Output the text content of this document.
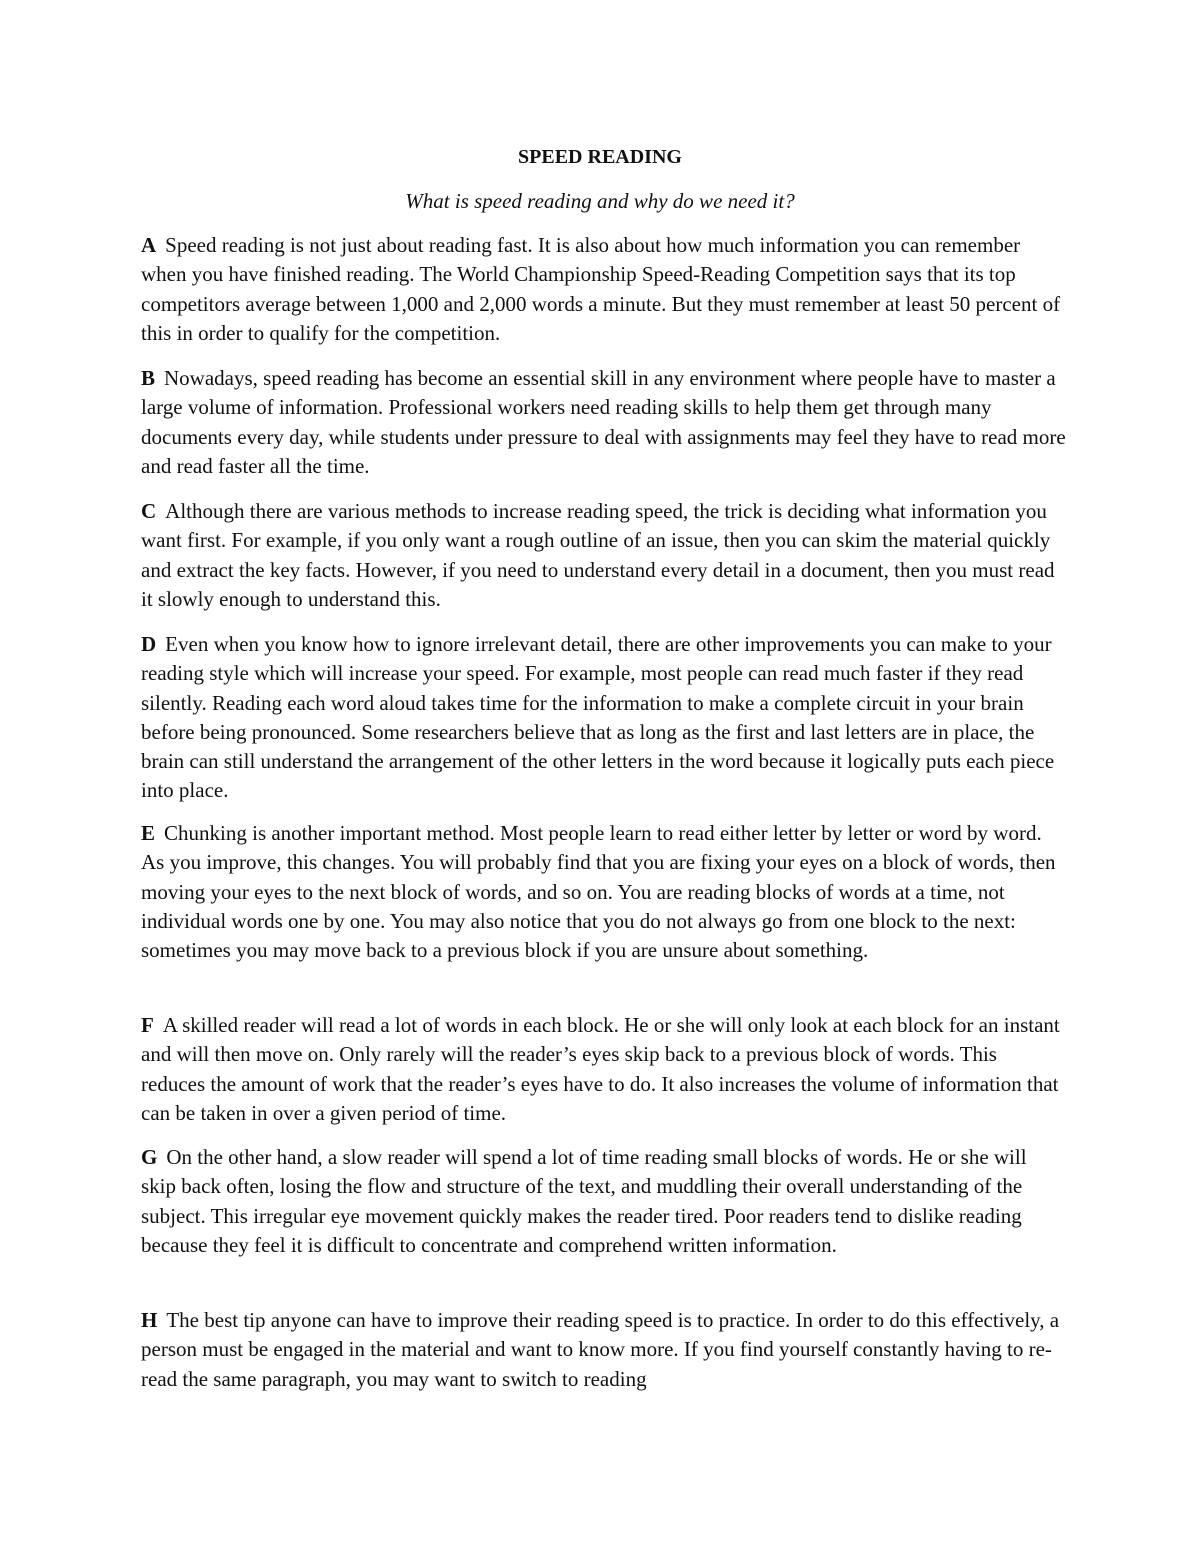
SPEED READING

What is speed reading and why do we need it?

A Speed reading is not just about reading fast. It is also about how much information you can remember when you have finished reading. The World Championship Speed-Reading Competition says that its top competitors average between 1,000 and 2,000 words a minute. But they must remember at least 50 percent of this in order to qualify for the competition.

B Nowadays, speed reading has become an essential skill in any environment where people have to master a large volume of information. Professional workers need reading skills to help them get through many documents every day, while students under pressure to deal with assignments may feel they have to read more and read faster all the time.

C Although there are various methods to increase reading speed, the trick is deciding what information you want first. For example, if you only want a rough outline of an issue, then you can skim the material quickly and extract the key facts. However, if you need to understand every detail in a document, then you must read it slowly enough to understand this.

D Even when you know how to ignore irrelevant detail, there are other improvements you can make to your reading style which will increase your speed. For example, most people can read much faster if they read silently. Reading each word aloud takes time for the information to make a complete circuit in your brain before being pronounced. Some researchers believe that as long as the first and last letters are in place, the brain can still understand the arrangement of the other letters in the word because it logically puts each piece into place.

E Chunking is another important method. Most people learn to read either letter by letter or word by word. As you improve, this changes. You will probably find that you are fixing your eyes on a block of words, then moving your eyes to the next block of words, and so on. You are reading blocks of words at a time, not individual words one by one. You may also notice that you do not always go from one block to the next: sometimes you may move back to a previous block if you are unsure about something.

F A skilled reader will read a lot of words in each block. He or she will only look at each block for an instant and will then move on. Only rarely will the reader’s eyes skip back to a previous block of words. This reduces the amount of work that the reader’s eyes have to do. It also increases the volume of information that can be taken in over a given period of time.

G On the other hand, a slow reader will spend a lot of time reading small blocks of words. He or she will skip back often, losing the flow and structure of the text, and muddling their overall understanding of the subject. This irregular eye movement quickly makes the reader tired. Poor readers tend to dislike reading because they feel it is difficult to concentrate and comprehend written information.

H The best tip anyone can have to improve their reading speed is to practice. In order to do this effectively, a person must be engaged in the material and want to know more. If you find yourself constantly having to re-read the same paragraph, you may want to switch to reading
